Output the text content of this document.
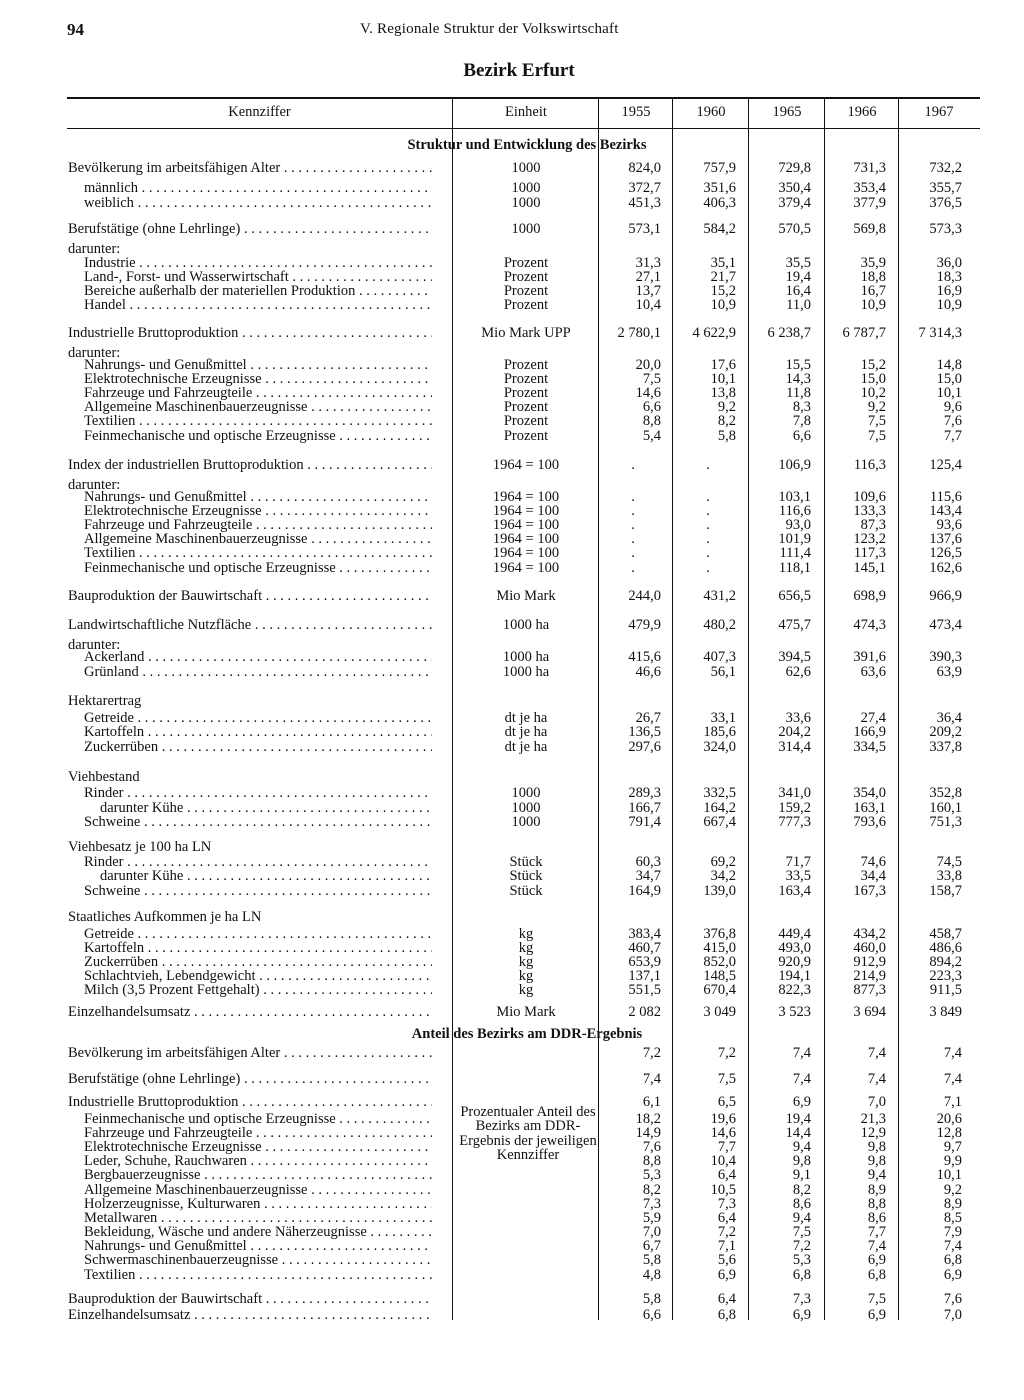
94	V. Regionale Struktur der Volkswirtschaft
Bezirk Erfurt
Kennziffer	Einheit	1955	1960	1965	1966	1967
Struktur und Entwicklung des Bezirks
Anteil des Bezirks am DDR-Ergebnis
Prozentualer Anteil des Bezirks am DDR-Ergebnis der jeweiligen Kennziffer
Bevölkerung im arbeitsfähigen Alter . . .	1000	824,0	757,9	729,8	731,3	732,2
männlich . . .	1000	372,7	351,6	350,4	353,4	355,7
weiblich . . .	1000	451,3	406,3	379,4	377,9	376,5
Berufstätige (ohne Lehrlinge) . . .	1000	573,1	584,2	570,5	569,8	573,3
darunter:
Industrie . . .	Prozent	31,3	35,1	35,5	35,9	36,0
Land-, Forst- und Wasserwirtschaft . . .	Prozent	27,1	21,7	19,4	18,8	18,3
Bereiche außerhalb der materiellen Produktion . . .	Prozent	13,7	15,2	16,4	16,7	16,9
Handel . . .	Prozent	10,4	10,9	11,0	10,9	10,9
Industrielle Bruttoproduktion . . .	Mio Mark UPP	2 780,1	4 622,9	6 238,7	6 787,7	7 314,3
darunter:
Nahrungs- und Genußmittel . . .	Prozent	20,0	17,6	15,5	15,2	14,8
Elektrotechnische Erzeugnisse . . .	Prozent	7,5	10,1	14,3	15,0	15,0
Fahrzeuge und Fahrzeugteile . . .	Prozent	14,6	13,8	11,8	10,2	10,1
Allgemeine Maschinenbauerzeugnisse . . .	Prozent	6,6	9,2	8,3	9,2	9,6
Textilien . . .	Prozent	8,8	8,2	7,8	7,5	7,6
Feinmechanische und optische Erzeugnisse . . .	Prozent	5,4	5,8	6,6	7,5	7,7
Index der industriellen Bruttoproduktion . . .	1964 = 100	.	.	106,9	116,3	125,4
darunter:
Nahrungs- und Genußmittel . . .	1964 = 100	.	.	103,1	109,6	115,6
Elektrotechnische Erzeugnisse . . .	1964 = 100	.	.	116,6	133,3	143,4
Fahrzeuge und Fahrzeugteile . . .	1964 = 100	.	.	93,0	87,3	93,6
Allgemeine Maschinenbauerzeugnisse . . .	1964 = 100	.	.	101,9	123,2	137,6
Textilien . . .	1964 = 100	.	.	111,4	117,3	126,5
Feinmechanische und optische Erzeugnisse . . .	1964 = 100	.	.	118,1	145,1	162,6
Bauproduktion der Bauwirtschaft . . .	Mio Mark	244,0	431,2	656,5	698,9	966,9
Landwirtschaftliche Nutzfläche . . .	1000 ha	479,9	480,2	475,7	474,3	473,4
darunter:
Ackerland . . .	1000 ha	415,6	407,3	394,5	391,6	390,3
Grünland . . .	1000 ha	46,6	56,1	62,6	63,6	63,9
Hektarertrag
Getreide . . .	dt je ha	26,7	33,1	33,6	27,4	36,4
Kartoffeln . . .	dt je ha	136,5	185,6	204,2	166,9	209,2
Zuckerrüben . . .	dt je ha	297,6	324,0	314,4	334,5	337,8
Viehbestand
Rinder . . .	1000	289,3	332,5	341,0	354,0	352,8
darunter Kühe . . .	1000	166,7	164,2	159,2	163,1	160,1
Schweine . . .	1000	791,4	667,4	777,3	793,6	751,3
Viehbesatz je 100 ha LN
Rinder . . .	Stück	60,3	69,2	71,7	74,6	74,5
darunter Kühe . . .	Stück	34,7	34,2	33,5	34,4	33,8
Schweine . . .	Stück	164,9	139,0	163,4	167,3	158,7
Staatliches Aufkommen je ha LN
Getreide . . .	kg	383,4	376,8	449,4	434,2	458,7
Kartoffeln . . .	kg	460,7	415,0	493,0	460,0	486,6
Zuckerrüben . . .	kg	653,9	852,0	920,9	912,9	894,2
Schlachtvieh, Lebendgewicht . . .	kg	137,1	148,5	194,1	214,9	223,3
Milch (3,5 Prozent Fettgehalt) . . .	kg	551,5	670,4	822,3	877,3	911,5
Einzelhandelsumsatz . . .	Mio Mark	2 082	3 049	3 523	3 694	3 849
Bevölkerung im arbeitsfähigen Alter . . .	7,2	7,2	7,4	7,4	7,4
Berufstätige (ohne Lehrlinge) . . .	7,4	7,5	7,4	7,4	7,4
Industrielle Bruttoproduktion . . .	6,1	6,5	6,9	7,0	7,1
Feinmechanische und optische Erzeugnisse . . .	18,2	19,6	19,4	21,3	20,6
Fahrzeuge und Fahrzeugteile . . .	14,9	14,6	14,4	12,9	12,8
Elektrotechnische Erzeugnisse . . .	7,6	7,7	9,4	9,8	9,7
Leder, Schuhe, Rauchwaren . . .	8,8	10,4	9,8	9,8	9,9
Bergbauerzeugnisse . . .	5,3	6,4	9,1	9,4	10,1
Allgemeine Maschinenbauerzeugnisse . . .	8,2	10,5	8,2	8,9	9,2
Holzerzeugnisse, Kulturwaren . . .	7,3	7,3	8,6	8,8	8,9
Metallwaren . . .	5,9	6,4	9,4	8,6	8,5
Bekleidung, Wäsche und andere Näherzeugnisse . . .	7,0	7,2	7,5	7,7	7,9
Nahrungs- und Genußmittel . . .	6,7	7,1	7,2	7,4	7,4
Schwermaschinenbauerzeugnisse . . .	5,8	5,6	5,3	6,9	6,8
Textilien . . .	4,8	6,9	6,8	6,8	6,9
Bauproduktion der Bauwirtschaft . . .	5,8	6,4	7,3	7,5	7,6
Einzelhandelsumsatz . . .	6,6	6,8	6,9	6,9	7,0
